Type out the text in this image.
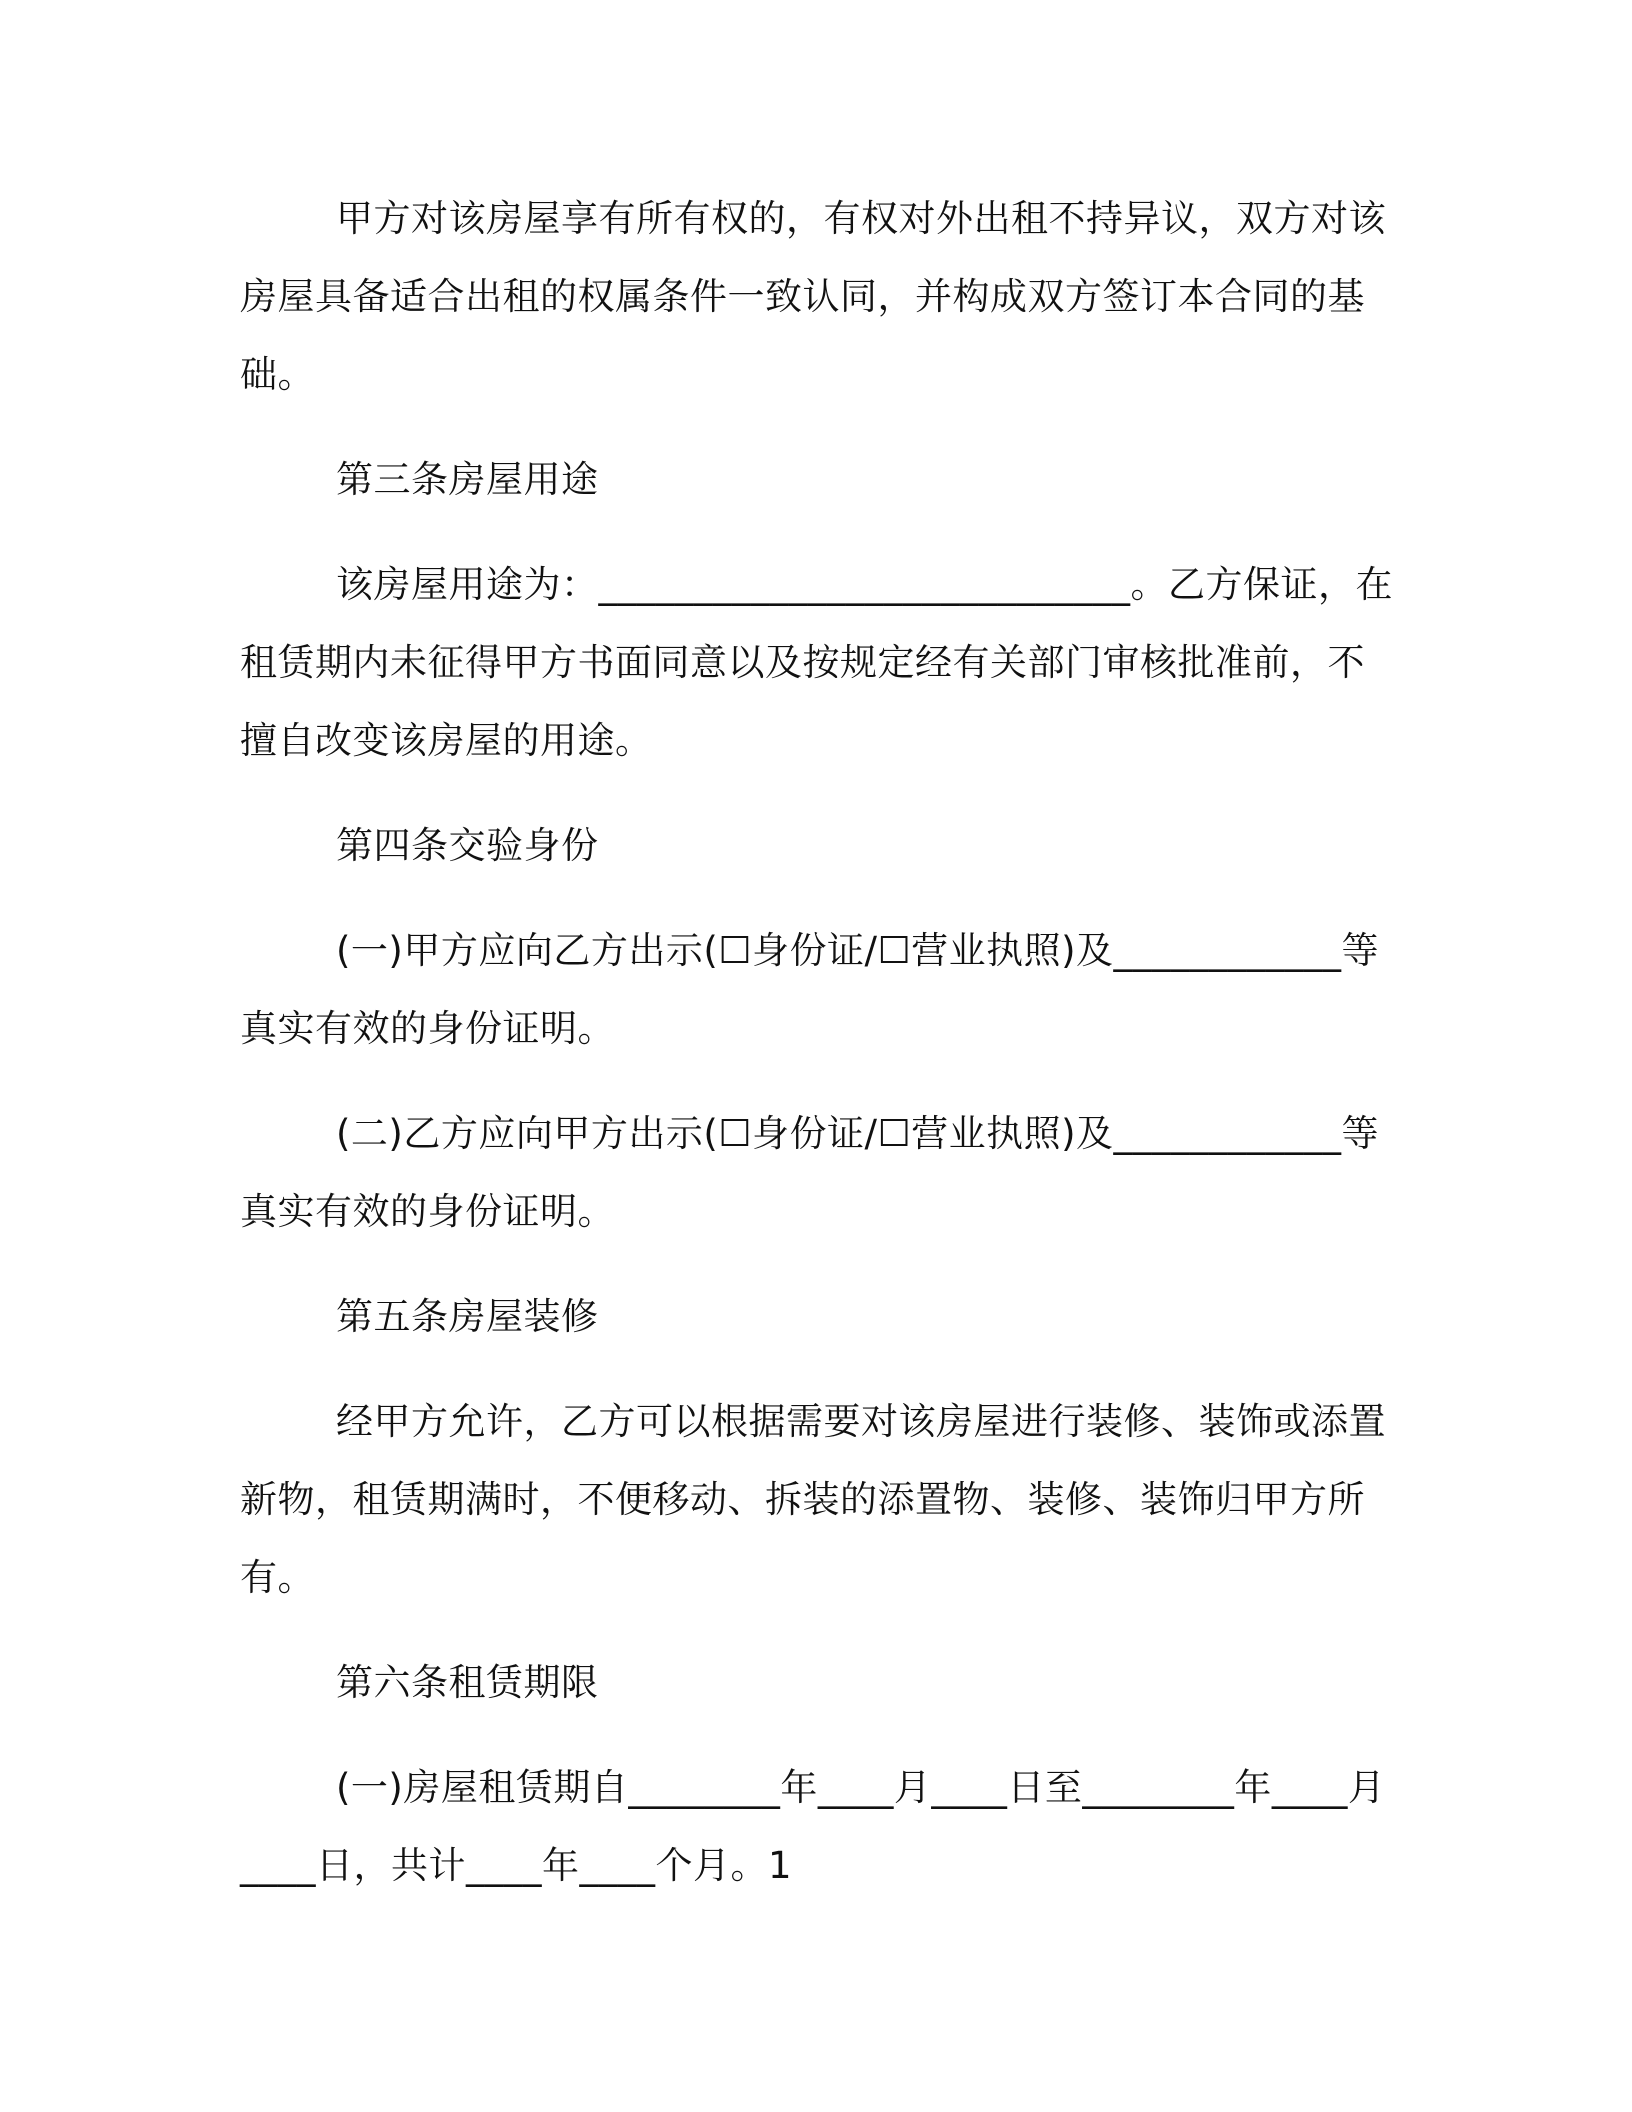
甲方对该房屋享有所有权的，有权对外出租不持异议，双方对该房屋具备适合出租的权属条件一致认同，并构成双方签订本合同的基础。

第三条房屋用途

该房屋用途为：____________________________。乙方保证，在租赁期内未征得甲方书面同意以及按规定经有关部门审核批准前，不擅自改变该房屋的用途。

第四条交验身份

(一)甲方应向乙方出示(☐身份证/☐营业执照)及____________等真实有效的身份证明。

(二)乙方应向甲方出示(☐身份证/☐营业执照)及____________等真实有效的身份证明。

第五条房屋装修

经甲方允许，乙方可以根据需要对该房屋进行装修、装饰或添置新物，租赁期满时，不便移动、拆装的添置物、装修、装饰归甲方所有。

第六条租赁期限

(一)房屋租赁期自________年____月____日至________年____月____日，共计____年____个月。1
